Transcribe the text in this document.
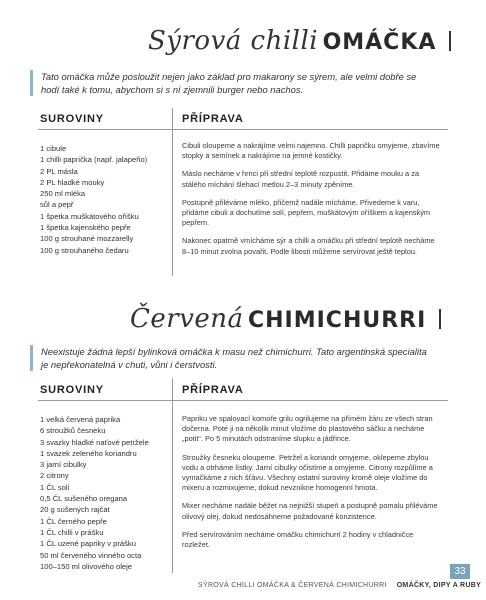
Sýrová chilli OMÁČKA
Tato omáčka může posloužit nejen jako základ pro makarony se sýrem, ale velmi dobře se hodí také k tomu, abychom si s ní zjemnili burger nebo nachos.
SUROVINY	PŘÍPRAVA
1 cibule
1 chilli paprička (např. jalapeño)
2 PL másla
2 PL hladké mouky
250 ml mléka
sůl a pepř
1 špetka muškátového oříšku
1 špetka kajenského pepře
100 g strouhané mozzarelly
100 g strouhaného čedaru

Cibuli oloupeme a nakrájíme velmi najemno. Chilli papričku omyjeme, zbavíme stopky a semínek a nakrájíme na jemné kostičky.

Máslo necháme v hrnci při střední teplotě rozpustit. Přidáme mouku a za stálého míchání šlehací metlou 2–3 minuty zpěníme.

Postupně přiléváme mléko, přičemž nadále mícháme. Přivedeme k varu, přidáme cibuli a dochutíme solí, pepřem, muškátovým oříškem a kajenským pepřem.

Nakonec opatrně vmícháme sýr a chilli a omáčku při střední teplotě necháme 8–10 minut zvolna povařit. Podle libosti můžeme servírovat ještě teplou.

Červená CHIMICHURRI
Neexistuje žádná lepší bylinková omáčka k masu než chimichurri. Tato argentinská specialita je nepřekonatelná v chuti, vůni i čerstvosti.
SUROVINY	PŘÍPRAVA
1 velká červená paprika
6 stroužků česneku
3 svazky hladké naťové petrželе
1 svazek zeleného koriandru
3 jarní cibulky
2 citrony
1 ČL soli
0,5 ČL sušeného oregana
20 g sušených rajčat
1 ČL černého pepře
1 ČL chilli v prášku
1 ČL uzené papriky v prášku
50 ml červeného vinného octa
100–150 ml olivového oleje

Papriku ve spalovací komoře grilu ogrilujeme na přímém žáru ze všech stran dočerna. Poté ji na několik minut vložíme do plastového sáčku a necháme „potit“. Po 5 minutách odstraníme slupku a jádřince.

Stroužky česneku oloupeme. Petržel a koriandr omyjeme, oklepeme zbylou vodu a otrháme lístky. Jarní cibulky očistíme a omyjeme. Citrony rozpůlíme a vymačkáme z nich šťávu. Všechny ostatní suroviny kromě oleje vložíme do mixeru a rozmixujeme, dokud nevznikne homogenní hmota.

Mixer necháme nadále běžet na nejnižší stupeň a postupně pomalu přiléváme olivový olej, dokud nedosáhneme požadované konzistence.

Před servírováním necháme omáčku chimichurri 2 hodiny v chladničce rozležet.

SÝROVÁ CHILLI OMÁČKA & ČERVENÁ CHIMICHURRI OMÁČKY, DIPY A RUBY
33
